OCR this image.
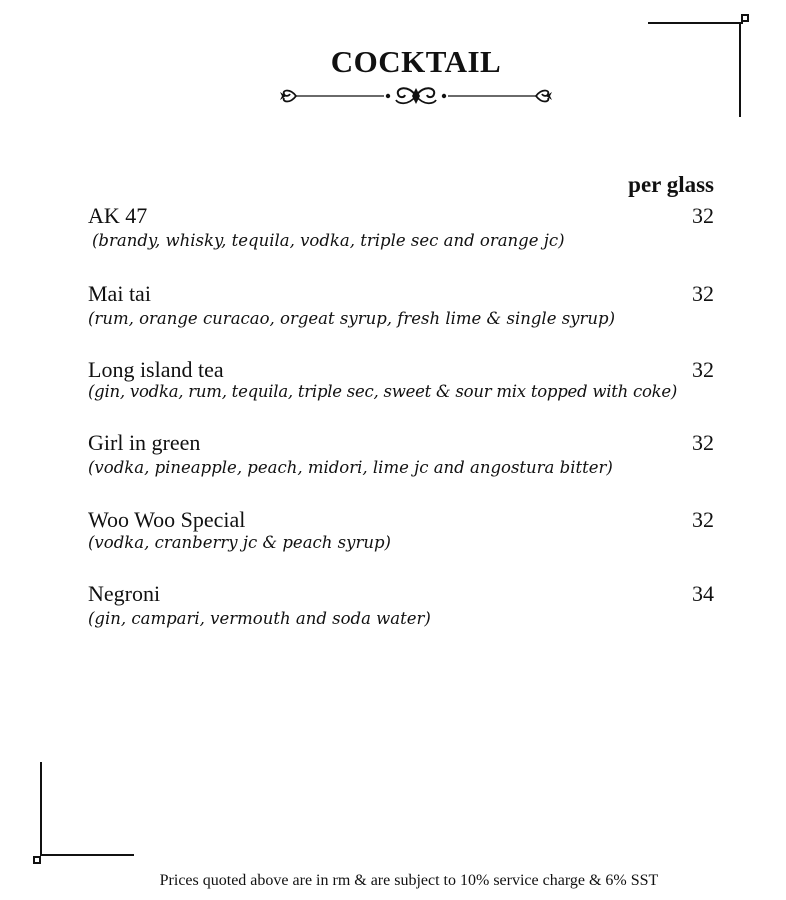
COCKTAIL
per glass
AK 47	32
(brandy, whisky, tequila, vodka, triple sec and orange jc)
Mai tai	32
(rum, orange curacao, orgeat syrup, fresh lime & single syrup)
Long island tea	32
(gin, vodka, rum, tequila, triple sec, sweet & sour mix topped with coke)
Girl in green	32
(vodka, pineapple, peach, midori, lime jc and angostura bitter)
Woo Woo Special	32
(vodka, cranberry jc & peach syrup)
Negroni	34
(gin, campari, vermouth and soda water)
Prices quoted above are in rm & are subject to 10% service charge & 6% SST
